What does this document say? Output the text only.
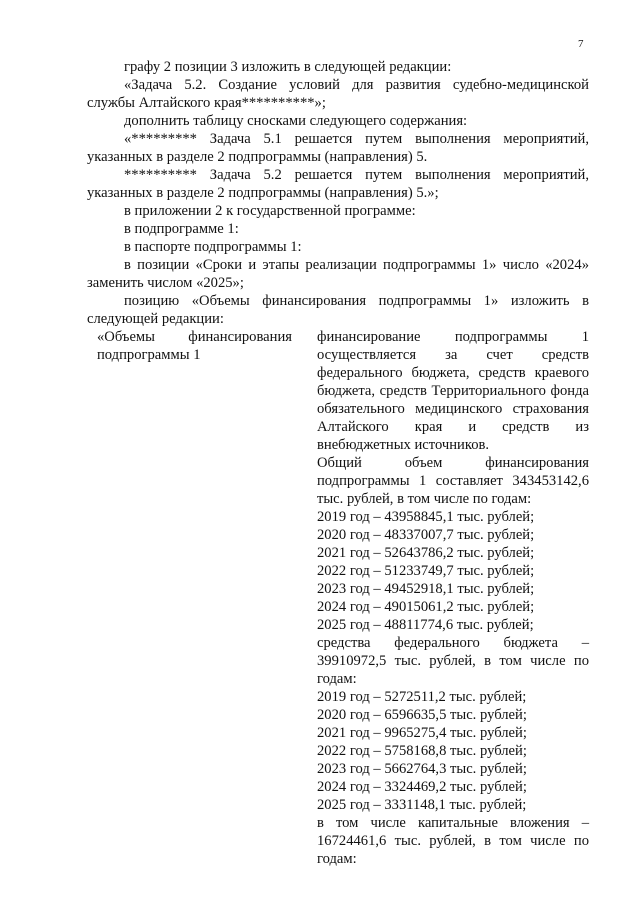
7

графу 2 позиции 3 изложить в следующей редакции:

«Задача 5.2. Создание условий для развития судебно-медицинской службы Алтайского края**********»;

дополнить таблицу сносками следующего содержания:

«********* Задача 5.1 решается путем выполнения мероприятий, указанных в разделе 2 подпрограммы (направления) 5.

********** Задача 5.2 решается путем выполнения мероприятий, указанных в разделе 2 подпрограммы (направления) 5.»;

в приложении 2 к государственной программе:

в подпрограмме 1:

в паспорте подпрограммы 1:

в позиции «Сроки и этапы реализации подпрограммы 1» число «2024» заменить числом «2025»;

позицию «Объемы финансирования подпрограммы 1» изложить в следующей редакции:

«Объемы финансирования подпрограммы 1

финансирование подпрограммы 1 осуществляется за счет средств федерального бюджета, средств краевого бюджета, средств Территориального фонда обязательного медицинского страхования Алтайского края и средств из внебюджетных источников.

Общий объем финансирования подпрограммы 1 составляет 343453142,6 тыс. рублей, в том числе по годам:

2019 год – 43958845,1 тыс. рублей;
2020 год – 48337007,7 тыс. рублей;
2021 год – 52643786,2 тыс. рублей;
2022 год – 51233749,7 тыс. рублей;
2023 год – 49452918,1 тыс. рублей;
2024 год – 49015061,2 тыс. рублей;
2025 год – 48811774,6 тыс. рублей;

средства федерального бюджета – 39910972,5 тыс. рублей, в том числе по годам:

2019 год – 5272511,2 тыс. рублей;
2020 год – 6596635,5 тыс. рублей;
2021 год – 9965275,4 тыс. рублей;
2022 год – 5758168,8 тыс. рублей;
2023 год – 5662764,3 тыс. рублей;
2024 год – 3324469,2 тыс. рублей;
2025 год – 3331148,1 тыс. рублей;

в том числе капитальные вложения – 16724461,6 тыс. рублей, в том числе по годам:
